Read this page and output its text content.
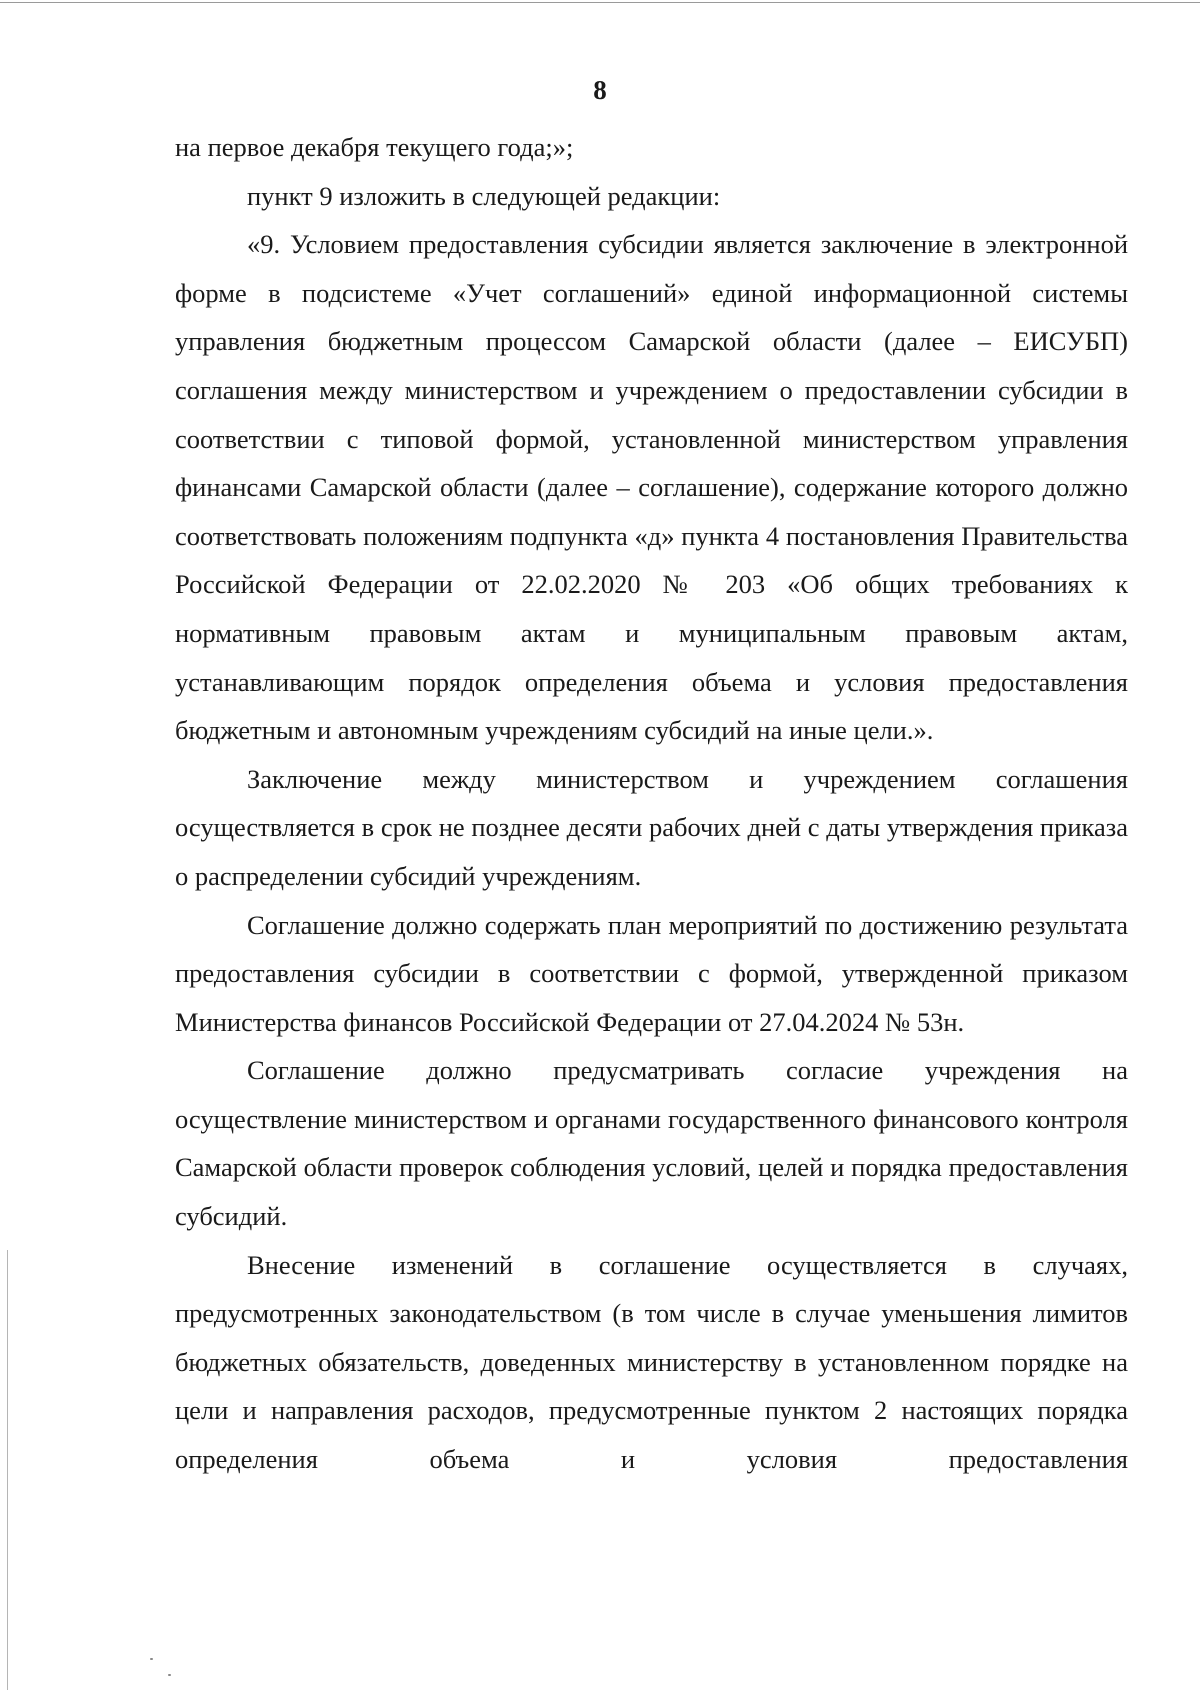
8

на первое декабря текущего года;»;

пункт 9 изложить в следующей редакции:

«9. Условием предоставления субсидии является заключение в электронной форме в подсистеме «Учет соглашений» единой информационной системы управления бюджетным процессом Самарской области (далее – ЕИСУБП) соглашения между министерством и учреждением о предоставлении субсидии в соответствии с типовой формой, установленной министерством управления финансами Самарской области (далее – соглашение), содержание которого должно соответствовать положениям подпункта «д» пункта 4 постановления Правительства Российской Федерации от 22.02.2020 № 203 «Об общих требованиях к нормативным правовым актам и муниципальным правовым актам, устанавливающим порядок определения объема и условия предоставления бюджетным и автономным учреждениям субсидий на иные цели.».

Заключение между министерством и учреждением соглашения осуществляется в срок не позднее десяти рабочих дней с даты утверждения приказа о распределении субсидий учреждениям.

Соглашение должно содержать план мероприятий по достижению результата предоставления субсидии в соответствии с формой, утвержденной приказом Министерства финансов Российской Федерации от 27.04.2024 № 53н.

Соглашение должно предусматривать согласие учреждения на осуществление министерством и органами государственного финансового контроля Самарской области проверок соблюдения условий, целей и порядка предоставления субсидий.

Внесение изменений в соглашение осуществляется в случаях, предусмотренных законодательством (в том числе в случае уменьшения лимитов бюджетных обязательств, доведенных министерству в установленном порядке на цели и направления расходов, предусмотренные пунктом 2 настоящих порядка определения объема и условия предоставления
